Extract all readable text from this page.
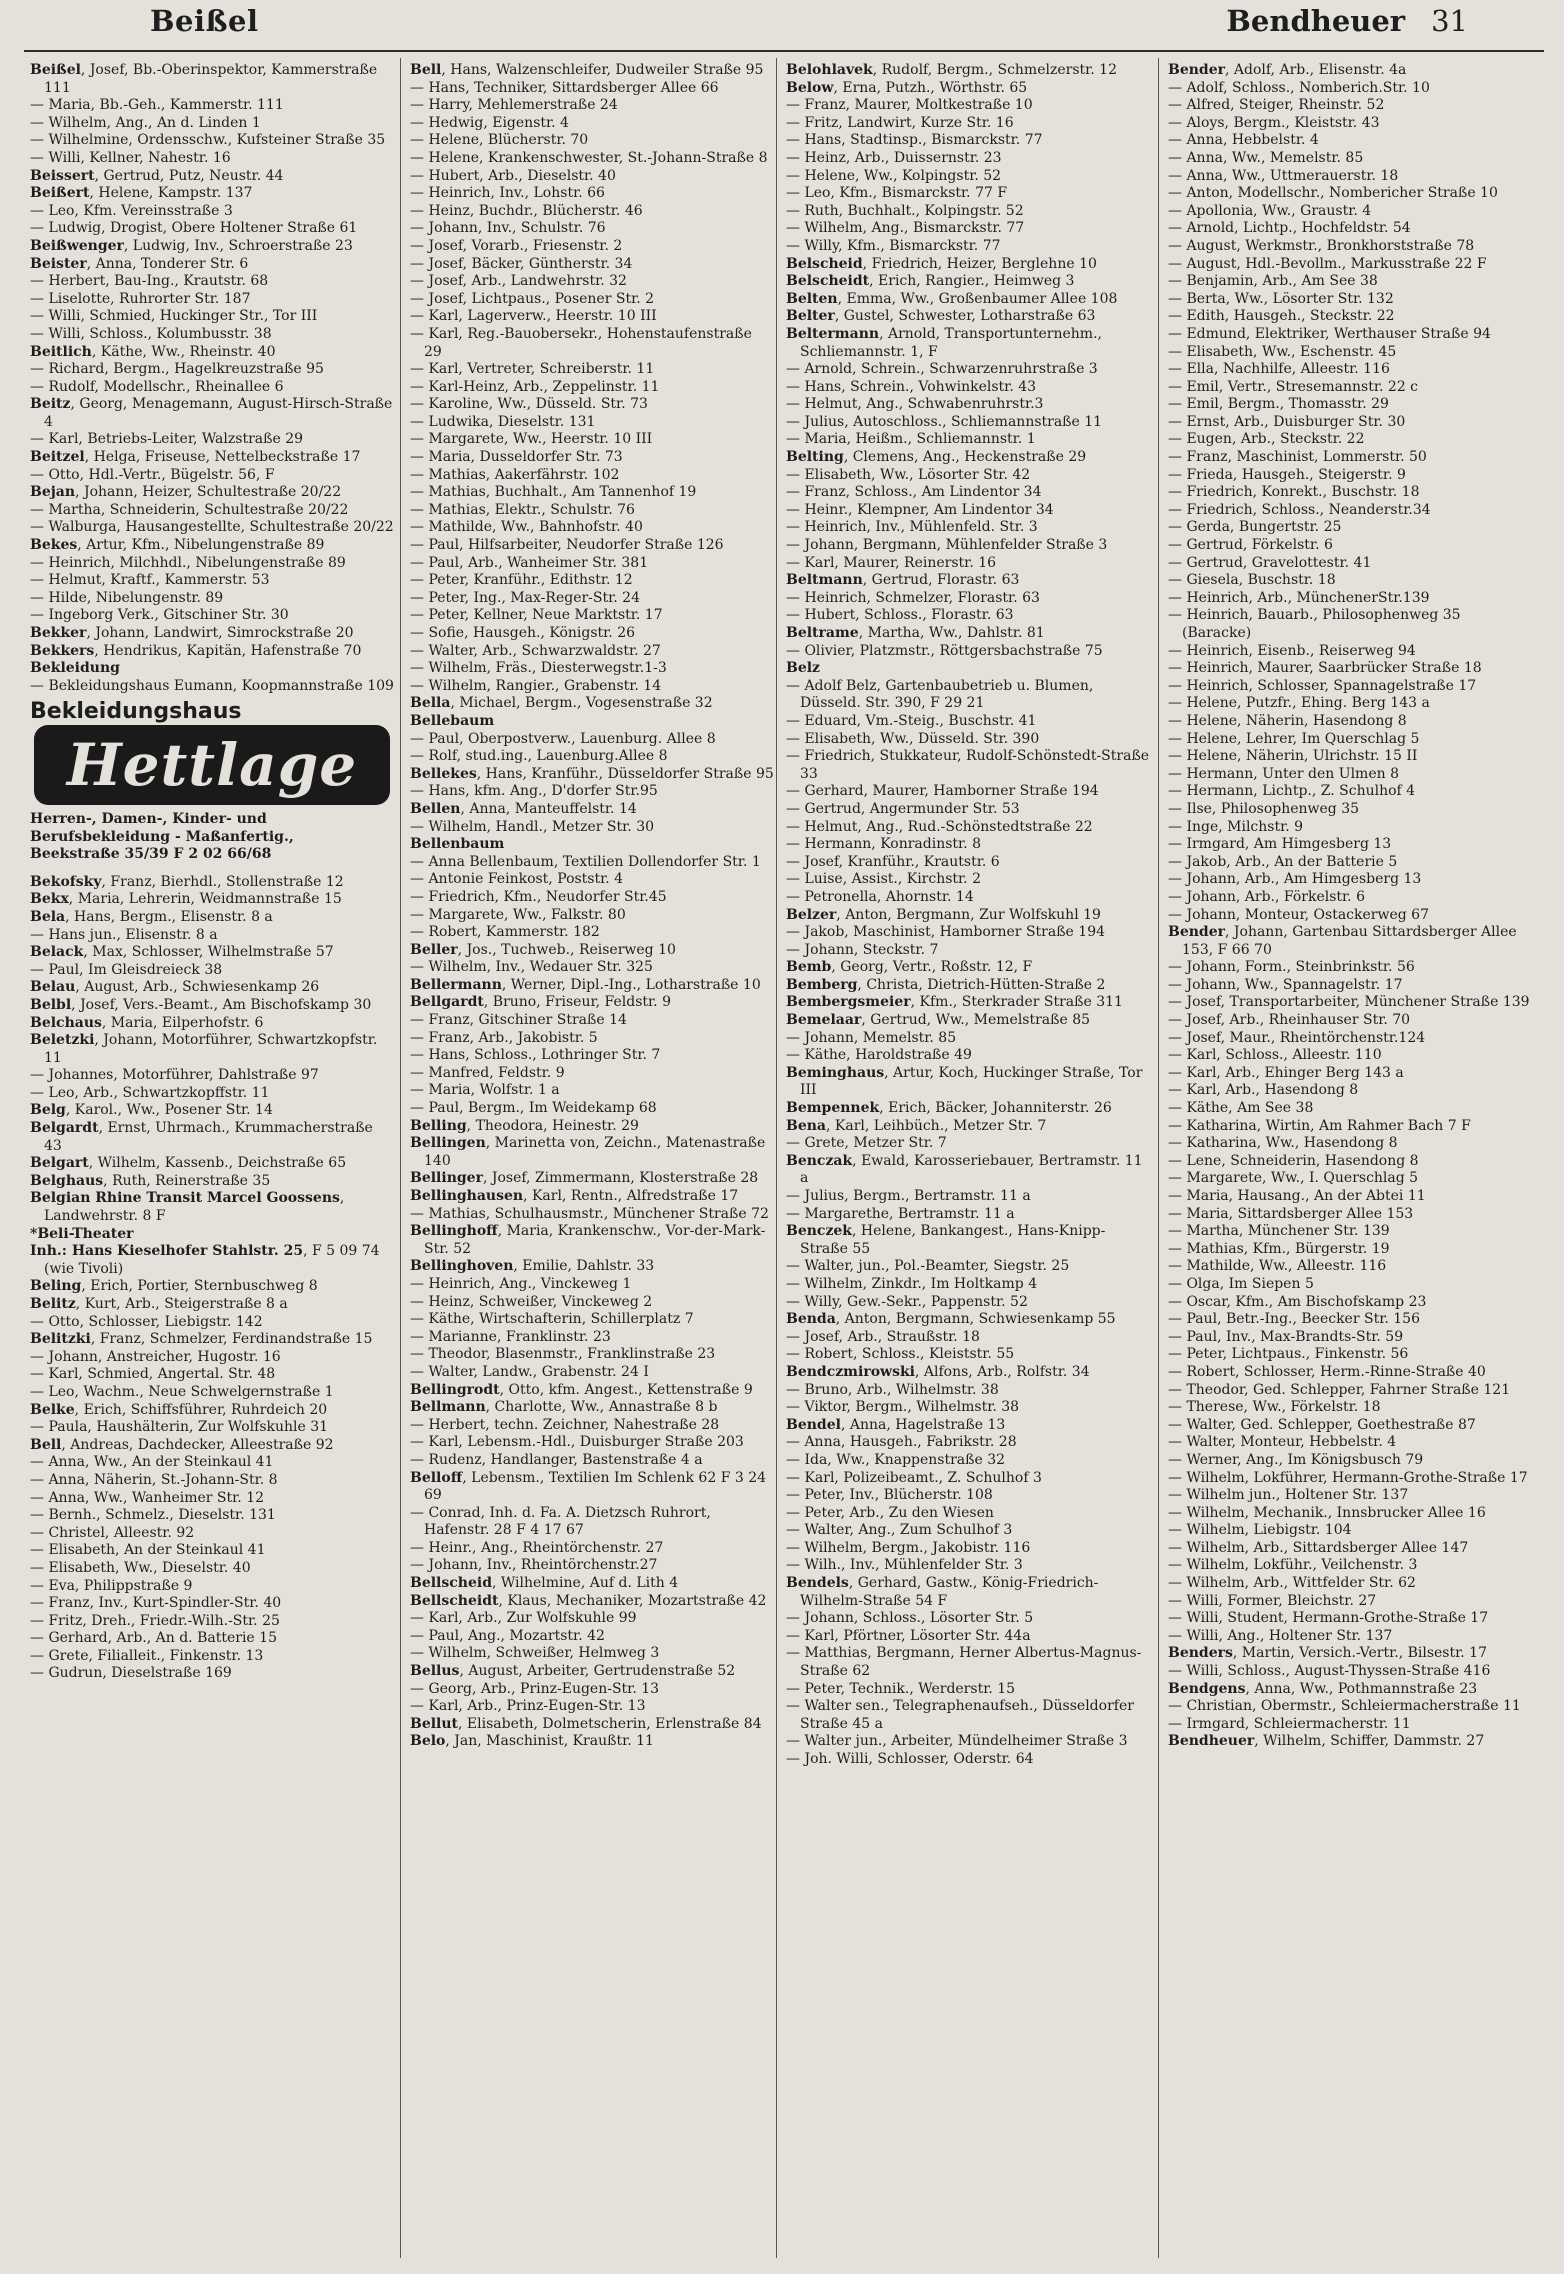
Beißel	Bendheuer 31

Beißel, Josef, Bb.-Oberinspektor, Kammerstraße 111

— Maria, Bb.-Geh., Kammerstr. 111

— Wilhelm, Ang., An d. Linden 1

— Wilhelmine, Ordensschw., Kufsteiner Straße 35

— Willi, Kellner, Nahestr. 16

Beissert, Gertrud, Putz, Neustr. 44

Beißert, Helene, Kampstr. 137

— Leo, Kfm. Vereinsstraße 3

— Ludwig, Drogist, Obere Holtener Straße 61

Beißwenger, Ludwig, Inv., Schroerstraße 23

Beister, Anna, Tonderer Str. 6

— Herbert, Bau-Ing., Krautstr. 68

— Liselotte, Ruhrorter Str. 187

— Willi, Schmied, Huckinger Str., Tor III

— Willi, Schloss., Kolumbusstr. 38

Beitlich, Käthe, Ww., Rheinstr. 40

— Richard, Bergm., Hagelkreuzstraße 95

— Rudolf, Modellschr., Rheinallee 6

Beitz, Georg, Menagemann, August-Hirsch-Straße 4

— Karl, Betriebs-Leiter, Walzstraße 29

Beitzel, Helga, Friseuse, Nettelbeckstraße 17

— Otto, Hdl.-Vertr., Bügelstr. 56, F

Bejan, Johann, Heizer, Schultestraße 20/22

— Martha, Schneiderin, Schultestraße 20/22

— Walburga, Hausangestellte, Schultestraße 20/22

Bekes, Artur, Kfm., Nibelungenstraße 89

— Heinrich, Milchhdl., Nibelungenstraße 89

— Helmut, Kraftf., Kammerstr. 53

— Hilde, Nibelungenstr. 89

— Ingeborg Verk., Gitschiner Str. 30

Bekker, Johann, Landwirt, Simrockstraße 20

Bekkers, Hendrikus, Kapitän, Hafenstraße 70

Bekleidung

— Bekleidungshaus Eumann, Koopmannstraße 109

Bekleidungshaus
Hettlage
Herren-, Damen-, Kinder- und
Berufsbekleidung - Maßanfertig.,
Beekstraße 35/39 F 2 02 66/68

Bekofsky, Franz, Bierhdl., Stollenstraße 12

Bekx, Maria, Lehrerin, Weidmannstraße 15

Bela, Hans, Bergm., Elisenstr. 8 a

— Hans jun., Elisenstr. 8 a

Belack, Max, Schlosser, Wilhelmstraße 57

— Paul, Im Gleisdreieck 38

Belau, August, Arb., Schwiesenkamp 26

Belbl, Josef, Vers.-Beamt., Am Bischofskamp 30

Belchaus, Maria, Eilperhofstr. 6

Beletzki, Johann, Motorführer, Schwartzkopfstr. 11

— Johannes, Motorführer, Dahlstraße 97

— Leo, Arb., Schwartzkopffstr. 11

Belg, Karol., Ww., Posener Str. 14

Belgardt, Ernst, Uhrmach., Krummacherstraße 43

Belgart, Wilhelm, Kassenb., Deichstraße 65

Belghaus, Ruth, Reinerstraße 35

Belgian Rhine Transit Marcel Goossens, Landwehrstr. 8 F

*Beli-Theater

Inh.: Hans Kieselhofer Stahlstr. 25, F 5 09 74 (wie Tivoli)

Beling, Erich, Portier, Sternbuschweg 8

Belitz, Kurt, Arb., Steigerstraße 8 a

— Otto, Schlosser, Liebigstr. 142

Belitzki, Franz, Schmelzer, Ferdinandstraße 15

— Johann, Anstreicher, Hugostr. 16

— Karl, Schmied, Angertal. Str. 48

— Leo, Wachm., Neue Schwelgernstraße 1

Belke, Erich, Schiffsführer, Ruhrdeich 20

— Paula, Haushälterin, Zur Wolfskuhle 31

Bell, Andreas, Dachdecker, Alleestraße 92

— Anna, Ww., An der Steinkaul 41

— Anna, Näherin, St.-Johann-Str. 8

— Anna, Ww., Wanheimer Str. 12

— Bernh., Schmelz., Dieselstr. 131

— Christel, Alleestr. 92

— Elisabeth, An der Steinkaul 41

— Elisabeth, Ww., Dieselstr. 40

— Eva, Philippstraße 9

— Franz, Inv., Kurt-Spindler-Str. 40

— Fritz, Dreh., Friedr.-Wilh.-Str. 25

— Gerhard, Arb., An d. Batterie 15

— Grete, Filialleit., Finkenstr. 13

— Gudrun, Dieselstraße 169

Bell, Hans, Walzenschleifer, Dudweiler Straße 95

— Hans, Techniker, Sittardsberger Allee 66

— Harry, Mehlemerstraße 24

— Hedwig, Eigenstr. 4

— Helene, Blücherstr. 70

— Helene, Krankenschwester, St.-Johann-Straße 8

— Hubert, Arb., Dieselstr. 40

— Heinrich, Inv., Lohstr. 66

— Heinz, Buchdr., Blücherstr. 46

— Johann, Inv., Schulstr. 76

— Josef, Vorarb., Friesenstr. 2

— Josef, Bäcker, Güntherstr. 34

— Josef, Arb., Landwehrstr. 32

— Josef, Lichtpaus., Posener Str. 2

— Karl, Lagerverw., Heerstr. 10 III

— Karl, Reg.-Bauobersekr., Hohenstaufenstraße 29

— Karl, Vertreter, Schreiberstr. 11

— Karl-Heinz, Arb., Zeppelinstr. 11

— Karoline, Ww., Düsseld. Str. 73

— Ludwika, Dieselstr. 131

— Margarete, Ww., Heerstr. 10 III

— Maria, Dusseldorfer Str. 73

— Mathias, Aakerfährstr. 102

— Mathias, Buchhalt., Am Tannenhof 19

— Mathias, Elektr., Schulstr. 76

— Mathilde, Ww., Bahnhofstr. 40

— Paul, Hilfsarbeiter, Neudorfer Straße 126

— Paul, Arb., Wanheimer Str. 381

— Peter, Kranführ., Edithstr. 12

— Peter, Ing., Max-Reger-Str. 24

— Peter, Kellner, Neue Marktstr. 17

— Sofie, Hausgeh., Königstr. 26

— Walter, Arb., Schwarzwaldstr. 27

— Wilhelm, Fräs., Diesterwegstr.1-3

— Wilhelm, Rangier., Grabenstr. 14

Bella, Michael, Bergm., Vogesenstraße 32

Bellebaum

— Paul, Oberpostverw., Lauenburg. Allee 8

— Rolf, stud.ing., Lauenburg.Allee 8

Bellekes, Hans, Kranführ., Düsseldorfer Straße 95

— Hans, kfm. Ang., D'dorfer Str.95

Bellen, Anna, Manteuffelstr. 14

— Wilhelm, Handl., Metzer Str. 30

Bellenbaum

— Anna Bellenbaum, Textilien Dollendorfer Str. 1

— Antonie Feinkost, Poststr. 4

— Friedrich, Kfm., Neudorfer Str.45

— Margarete, Ww., Falkstr. 80

— Robert, Kammerstr. 182

Beller, Jos., Tuchweb., Reiserweg 10

— Wilhelm, Inv., Wedauer Str. 325

Bellermann, Werner, Dipl.-Ing., Lotharstraße 10

Bellgardt, Bruno, Friseur, Feldstr. 9

— Franz, Gitschiner Straße 14

— Franz, Arb., Jakobistr. 5

— Hans, Schloss., Lothringer Str. 7

— Manfred, Feldstr. 9

— Maria, Wolfstr. 1 a

— Paul, Bergm., Im Weidekamp 68

Belling, Theodora, Heinestr. 29

Bellingen, Marinetta von, Zeichn., Matenastraße 140

Bellinger, Josef, Zimmermann, Klosterstraße 28

Bellinghausen, Karl, Rentn., Alfredstraße 17

— Mathias, Schulhausmstr., Münchener Straße 72

Bellinghoff, Maria, Krankenschw., Vor-der-Mark-Str. 52

Bellinghoven, Emilie, Dahlstr. 33

— Heinrich, Ang., Vinckeweg 1

— Heinz, Schweißer, Vinckeweg 2

— Käthe, Wirtschafterin, Schillerplatz 7

— Marianne, Franklinstr. 23

— Theodor, Blasenmstr., Franklinstraße 23

— Walter, Landw., Grabenstr. 24 I

Bellingrodt, Otto, kfm. Angest., Kettenstraße 9

Bellmann, Charlotte, Ww., Annastraße 8 b

— Herbert, techn. Zeichner, Nahestraße 28

— Karl, Lebensm.-Hdl., Duisburger Straße 203

— Rudenz, Handlanger, Bastenstraße 4 a

Belloff, Lebensm., Textilien Im Schlenk 62 F 3 24 69

— Conrad, Inh. d. Fa. A. Dietzsch Ruhrort, Hafenstr. 28 F 4 17 67

— Heinr., Ang., Rheintörchenstr. 27

— Johann, Inv., Rheintörchenstr.27

Bellscheid, Wilhelmine, Auf d. Lith 4

Bellscheidt, Klaus, Mechaniker, Mozartstraße 42

— Karl, Arb., Zur Wolfskuhle 99

— Paul, Ang., Mozartstr. 42

— Wilhelm, Schweißer, Helmweg 3

Bellus, August, Arbeiter, Gertrudenstraße 52

— Georg, Arb., Prinz-Eugen-Str. 13

— Karl, Arb., Prinz-Eugen-Str. 13

Bellut, Elisabeth, Dolmetscherin, Erlenstraße 84

Belo, Jan, Maschinist, Kraußtr. 11

Belohlavek, Rudolf, Bergm., Schmelzerstr. 12

Below, Erna, Putzh., Wörthstr. 65

— Franz, Maurer, Moltkestraße 10

— Fritz, Landwirt, Kurze Str. 16

— Hans, Stadtinsp., Bismarckstr. 77

— Heinz, Arb., Duissernstr. 23

— Helene, Ww., Kolpingstr. 52

— Leo, Kfm., Bismarckstr. 77 F

— Ruth, Buchhalt., Kolpingstr. 52

— Wilhelm, Ang., Bismarckstr. 77

— Willy, Kfm., Bismarckstr. 77

Belscheid, Friedrich, Heizer, Berglehne 10

Belscheidt, Erich, Rangier., Heimweg 3

Belten, Emma, Ww., Großenbaumer Allee 108

Belter, Gustel, Schwester, Lotharstraße 63

Beltermann, Arnold, Transportunternehm., Schliemannstr. 1, F

— Arnold, Schrein., Schwarzenruhrstraße 3

— Hans, Schrein., Vohwinkelstr. 43

— Helmut, Ang., Schwabenruhrstr.3

— Julius, Autoschloss., Schliemannstraße 11

— Maria, Heißm., Schliemannstr. 1

Belting, Clemens, Ang., Heckenstraße 29

— Elisabeth, Ww., Lösorter Str. 42

— Franz, Schloss., Am Lindentor 34

— Heinr., Klempner, Am Lindentor 34

— Heinrich, Inv., Mühlenfeld. Str. 3

— Johann, Bergmann, Mühlenfelder Straße 3

— Karl, Maurer, Reinerstr. 16

Beltmann, Gertrud, Florastr. 63

— Heinrich, Schmelzer, Florastr. 63

— Hubert, Schloss., Florastr. 63

Beltrame, Martha, Ww., Dahlstr. 81

— Olivier, Platzmstr., Röttgersbachstraße 75

Belz

— Adolf Belz, Gartenbaubetrieb u. Blumen, Düsseld. Str. 390, F 29 21

— Eduard, Vm.-Steig., Buschstr. 41

— Elisabeth, Ww., Düsseld. Str. 390

— Friedrich, Stukkateur, Rudolf-Schönstedt-Straße 33

— Gerhard, Maurer, Hamborner Straße 194

— Gertrud, Angermunder Str. 53

— Helmut, Ang., Rud.-Schönstedtstraße 22

— Hermann, Konradinstr. 8

— Josef, Kranführ., Krautstr. 6

— Luise, Assist., Kirchstr. 2

— Petronella, Ahornstr. 14

Belzer, Anton, Bergmann, Zur Wolfskuhl 19

— Jakob, Maschinist, Hamborner Straße 194

— Johann, Steckstr. 7

Bemb, Georg, Vertr., Roßstr. 12, F

Bemberg, Christa, Dietrich-Hütten-Straße 2

Bembergsmeier, Kfm., Sterkrader Straße 311

Bemelaar, Gertrud, Ww., Memelstraße 85

— Johann, Memelstr. 85

— Käthe, Haroldstraße 49

Beminghaus, Artur, Koch, Huckinger Straße, Tor III

Bempennek, Erich, Bäcker, Johanniterstr. 26

Bena, Karl, Leihbüch., Metzer Str. 7

— Grete, Metzer Str. 7

Benczak, Ewald, Karosseriebauer, Bertramstr. 11 a

— Julius, Bergm., Bertramstr. 11 a

— Margarethe, Bertramstr. 11 a

Benczek, Helene, Bankangest., Hans-Knipp-Straße 55

— Walter, jun., Pol.-Beamter, Siegstr. 25

— Wilhelm, Zinkdr., Im Holtkamp 4

— Willy, Gew.-Sekr., Pappenstr. 52

Benda, Anton, Bergmann, Schwiesenkamp 55

— Josef, Arb., Straußstr. 18

— Robert, Schloss., Kleiststr. 55

Bendczmirowski, Alfons, Arb., Rolfstr. 34

— Bruno, Arb., Wilhelmstr. 38

— Viktor, Bergm., Wilhelmstr. 38

Bendel, Anna, Hagelstraße 13

— Anna, Hausgeh., Fabrikstr. 28

— Ida, Ww., Knappenstraße 32

— Karl, Polizeibeamt., Z. Schulhof 3

— Peter, Inv., Blücherstr. 108

— Peter, Arb., Zu den Wiesen

— Walter, Ang., Zum Schulhof 3

— Wilhelm, Bergm., Jakobistr. 116

— Wilh., Inv., Mühlenfelder Str. 3

Bendels, Gerhard, Gastw., König-Friedrich-Wilhelm-Straße 54 F

— Johann, Schloss., Lösorter Str. 5

— Karl, Pförtner, Lösorter Str. 44a

— Matthias, Bergmann, Herner Albertus-Magnus-Straße 62

— Peter, Technik., Werderstr. 15

— Walter sen., Telegraphenaufseh., Düsseldorfer Straße 45 a

— Walter jun., Arbeiter, Mündelheimer Straße 3

— Joh. Willi, Schlosser, Oderstr. 64

Bender, Adolf, Arb., Elisenstr. 4a

— Adolf, Schloss., Nomberich.Str. 10

— Alfred, Steiger, Rheinstr. 52

— Aloys, Bergm., Kleiststr. 43

— Anna, Hebbelstr. 4

— Anna, Ww., Memelstr. 85

— Anna, Ww., Uttmerauerstr. 18

— Anton, Modellschr., Nombericher Straße 10

— Apollonia, Ww., Graustr. 4

— Arnold, Lichtp., Hochfeldstr. 54

— August, Werkmstr., Bronkhorststraße 78

— August, Hdl.-Bevollm., Markusstraße 22 F

— Benjamin, Arb., Am See 38

— Berta, Ww., Lösorter Str. 132

— Edith, Hausgeh., Steckstr. 22

— Edmund, Elektriker, Werthauser Straße 94

— Elisabeth, Ww., Eschenstr. 45

— Ella, Nachhilfe, Alleestr. 116

— Emil, Vertr., Stresemannstr. 22 c

— Emil, Bergm., Thomasstr. 29

— Ernst, Arb., Duisburger Str. 30

— Eugen, Arb., Steckstr. 22

— Franz, Maschinist, Lommerstr. 50

— Frieda, Hausgeh., Steigerstr. 9

— Friedrich, Konrekt., Buschstr. 18

— Friedrich, Schloss., Neanderstr.34

— Gerda, Bungertstr. 25

— Gertrud, Förkelstr. 6

— Gertrud, Gravelottestr. 41

— Giesela, Buschstr. 18

— Heinrich, Arb., MünchenerStr.139

— Heinrich, Bauarb., Philosophenweg 35 (Baracke)

— Heinrich, Eisenb., Reiserweg 94

— Heinrich, Maurer, Saarbrücker Straße 18

— Heinrich, Schlosser, Spannagelstraße 17

— Helene, Putzfr., Ehing. Berg 143 a

— Helene, Näherin, Hasendong 8

— Helene, Lehrer, Im Querschlag 5

— Helene, Näherin, Ulrichstr. 15 II

— Hermann, Unter den Ulmen 8

— Hermann, Lichtp., Z. Schulhof 4

— Ilse, Philosophenweg 35

— Inge, Milchstr. 9

— Irmgard, Am Himgesberg 13

— Jakob, Arb., An der Batterie 5

— Johann, Arb., Am Himgesberg 13

— Johann, Arb., Förkelstr. 6

— Johann, Monteur, Ostackerweg 67

Bender, Johann, Gartenbau Sittardsberger Allee 153, F 66 70

— Johann, Form., Steinbrinkstr. 56

— Johann, Ww., Spannagelstr. 17

— Josef, Transportarbeiter, Münchener Straße 139

— Josef, Arb., Rheinhauser Str. 70

— Josef, Maur., Rheintörchenstr.124

— Karl, Schloss., Alleestr. 110

— Karl, Arb., Ehinger Berg 143 a

— Karl, Arb., Hasendong 8

— Käthe, Am See 38

— Katharina, Wirtin, Am Rahmer Bach 7 F

— Katharina, Ww., Hasendong 8

— Lene, Schneiderin, Hasendong 8

— Margarete, Ww., I. Querschlag 5

— Maria, Hausang., An der Abtei 11

— Maria, Sittardsberger Allee 153

— Martha, Münchener Str. 139

— Mathias, Kfm., Bürgerstr. 19

— Mathilde, Ww., Alleestr. 116

— Olga, Im Siepen 5

— Oscar, Kfm., Am Bischofskamp 23

— Paul, Betr.-Ing., Beecker Str. 156

— Paul, Inv., Max-Brandts-Str. 59

— Peter, Lichtpaus., Finkenstr. 56

— Robert, Schlosser, Herm.-Rinne-Straße 40

— Theodor, Ged. Schlepper, Fahrner Straße 121

— Therese, Ww., Förkelstr. 18

— Walter, Ged. Schlepper, Goethestraße 87

— Walter, Monteur, Hebbelstr. 4

— Werner, Ang., Im Königsbusch 79

— Wilhelm, Lokführer, Hermann-Grothe-Straße 17

— Wilhelm jun., Holtener Str. 137

— Wilhelm, Mechanik., Innsbrucker Allee 16

— Wilhelm, Liebigstr. 104

— Wilhelm, Arb., Sittardsberger Allee 147

— Wilhelm, Lokführ., Veilchenstr. 3

— Wilhelm, Arb., Wittfelder Str. 62

— Willi, Former, Bleichstr. 27

— Willi, Student, Hermann-Grothe-Straße 17

— Willi, Ang., Holtener Str. 137

Benders, Martin, Versich.-Vertr., Bilsestr. 17

— Willi, Schloss., August-Thyssen-Straße 416

Bendgens, Anna, Ww., Pothmannstraße 23

— Christian, Obermstr., Schleiermacherstraße 11

— Irmgard, Schleiermacherstr. 11

Bendheuer, Wilhelm, Schiffer, Dammstr. 27
